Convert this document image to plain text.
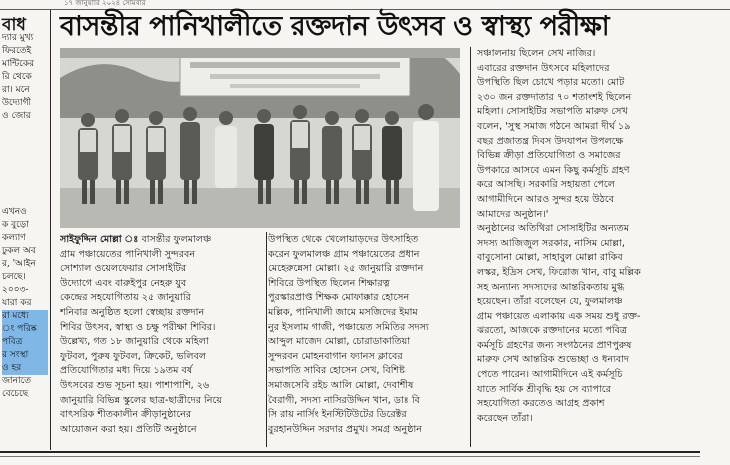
১৭ জানুয়ারি ২০২৪ সোমবার
বাধ
দ্যার মুখ্য
ফিরতেই
মান্টিকের
রি থেকে
রা। মনে
উদ্যোগী
ও জোর
এখনও
ক বুড়ো
কল্যাণ
ঢুকল অব
র, 'আইন
চলছে।
-২০০৩
যারা কর
রা মধ্যে
ং পরিষ্ক
পবিত্র
র সংস্থা
ও হর
জানাতে
বেচেছে
বাসন্তীর পানিখালীতে রক্তদান উৎসব ও স্বাস্থ্য পরীক্ষা
সাইফুদ্দিন মোল্লা ঃ বাসন্তীর ফুলমালঞ্চ
গ্রাম পঞ্চায়েতের পানিখালী সুন্দরবন
সোশ্যাল ওয়েলফেয়ার সোসাইটির
উদ্যোগে এবং বারুইপুর নেহরু যুব
কেন্দ্রের সহযোগিতায় ২৫ জানুয়ারি
শনিবার অনুষ্ঠিত হলো স্বেচ্ছায় রক্তদান
শিবির উৎসব, স্বাস্থ্য ও চক্ষু পরীক্ষা শিবির।
উল্লেখ্য, গত ১৮ জানুয়ারি থেকে মহিলা
ফুটবল, পুরুষ ফুটবল, ক্রিকেট, ভলিবল
প্রতিযোগিতার মধ্য দিয়ে ১৯তম বর্ষ
উৎসবের শুভ সূচনা হয়। পাশাপাশি, ২৬
জানুয়ারি বিভিন্ন স্কুলের ছাত্র-ছাত্রীদের নিয়ে
বাৎসরিক শীতকালীন ক্রীড়ানুষ্ঠানের
আয়োজন করা হয়। প্রতিটি অনুষ্ঠানে
উপস্থিত থেকে খেলোয়াড়দের উৎসাহিত
করেন ফুলমালঞ্চ গ্রাম পঞ্চায়েতের প্রধান
মেহেরুন্নেসা মোল্লা। ২৫ জানুয়ারি রক্তদান
শিবিরে উপস্থিত ছিলেন শিক্ষারত্ন
পুরস্কারপ্রাপ্ত শিক্ষক মোফাক্কার হোসেন
মল্লিক, পানিখালী জামে মসজিদের ইমাম
নুর ইসলাম গাজী, পঞ্চায়েত সমিতির সদস্য
আব্দুল মাজেদ মোল্লা, চোরাডাকাতিয়া
সুন্দরবন মোহনবাগান ফ্যানস ক্লাবের
সভাপতি সাবির হোসেন সেখ, বিশিষ্ট
সমাজসেবি রইচ আলি মোল্লা, দেবাশীষ
বৈরাগী, সদস্য নাসিরউদ্দিন খান, ডাঃ বি
সি রায় নার্সিং ইনস্টিটিউটের ডিরেক্টর
বুরহানউদ্দিন সরদার প্রমুখ। সমগ্র অনুষ্ঠান
সঞ্চালনায় ছিলেন সেখ নাজির।
এবারের রক্তদান উৎসবে মহিলাদের
উপস্থিতি ছিল চোখে পড়ার মতো। মোট
২৩০ জন রক্তদাতার ৭০ শতাংশই ছিলেন
মহিলা। সোসাইটির সভাপতি মারুফ সেখ
বলেন, 'সুস্থ সমাজ গঠনে আমরা দীর্ঘ ১৯
বছর প্রজাতন্ত্র দিবস উদযাপন উপলক্ষে
বিভিন্ন ক্রীড়া প্রতিযোগিতা ও সমাজের
উপকারে আসবে এমন কিছু কর্মসূচি গ্রহণ
করে আসছি। সরকারি সহায়তা পেলে
আগামীদিনে আরও সুন্দর হয়ে উঠবে
আমাদের অনুষ্ঠান।'
অনুষ্ঠানের অতিথিরা সোসাইটির অন্যতম
সদস্য আজিজুল সরকার, নাসিম মোল্লা,
বাবুসোনা মোল্লা, সাহাবুল মোল্লা রাকিব
লস্কর, ইদ্রিস সেখ, ফিরোজ খান, বাবু মল্লিক
সহ অন্যান্য সদস্যদের আন্তরিকতায় মুগ্ধ
হয়েছেন। তাঁরা বলেছেন যে, ফুলমালঞ্চ
গ্রাম পঞ্চায়েত এলাকায় এক সময় শুধু রক্ত-
ঝরতো, আজকে রক্তদানের মতো পবিত্র
কর্মসূচি গ্রহণের জন্য সংগঠনের প্রাণপুরুষ
মারুফ সেখ আন্তরিক শুভেচ্ছা ও ধন্যবাদ
পেতে পারেন। আগামীদিনে এই কর্মসূচি
যাতে সার্বিক শ্রীবৃদ্ধি হয় সে ব্যাপারে
সহযোগিতা করতেও আগ্রহ প্রকাশ
করেছেন তাঁরা।
